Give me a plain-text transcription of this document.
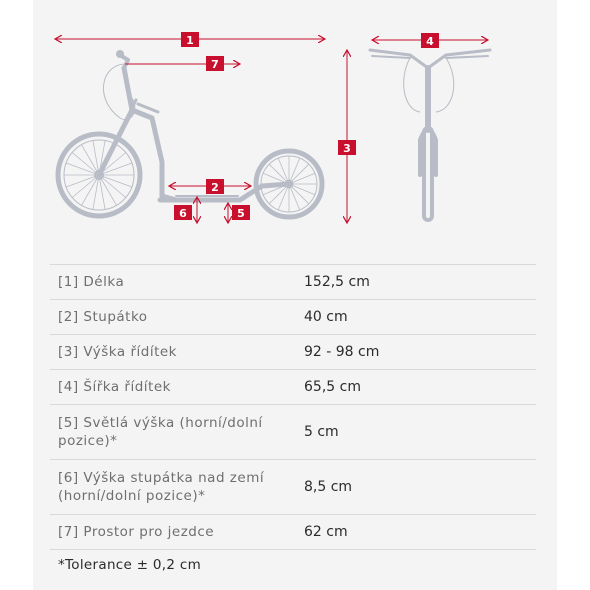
1
7
3
4
2
6	5
[1] Délka	152,5 cm
[2] Stupátko	40 cm
[3] Výška řídítek	92 - 98 cm
[4] Šířka řídítek	65,5 cm
[5] Světlá výška (horní/dolní pozice)*	5 cm
[6] Výška stupátka nad zemí (horní/dolní pozice)*	8,5 cm
[7] Prostor pro jezdce	62 cm
*Tolerance ± 0,2 cm
